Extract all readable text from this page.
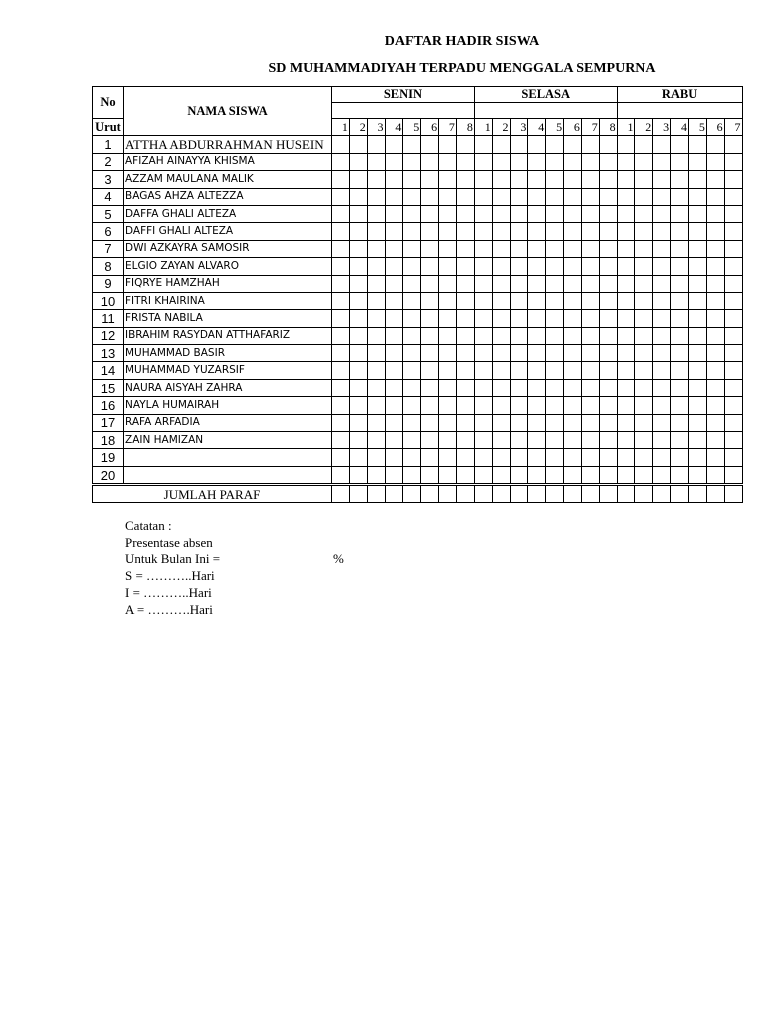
DAFTAR HADIR SISWA
SD MUHAMMADIYAH TERPADU MENGGALA SEMPURNA
No	NAMA SISWA	SENIN								SELASA								RABU						

Urut		1	2	3	4	5	6	7	8	1	2	3	4	5	6	7	8	1	2	3	4	5	6	7
1	ATTHA ABDURRAHMAN HUSEIN																							
2	AFIZAH AINAYYA KHISMA																							
3	AZZAM MAULANA MALIK																							
4	BAGAS AHZA ALTEZZA																							
5	DAFFA GHALI ALTEZA																							
6	DAFFI GHALI ALTEZA																							
7	DWI AZKAYRA SAMOSIR																							
8	ELGIO ZAYAN ALVARO																							
9	FIQRYE HAMZHAH																							
10	FITRI KHAIRINA																							
11	FRISTA NABILA																							
12	IBRAHIM RASYDAN ATTHAFARIZ																							
13	MUHAMMAD BASIR																							
14	MUHAMMAD YUZARSIF																							
15	NAURA AISYAH ZAHRA																							
16	NAYLA HUMAIRAH																							
17	RAFA ARFADIA																							
18	ZAIN HAMIZAN																							
19																								
20																								
JUMLAH PARAF																								
Catatan :
Presentase absen
Untuk Bulan Ini =
S = ………..Hari
I = ………..Hari
A = ……….Hari
%
